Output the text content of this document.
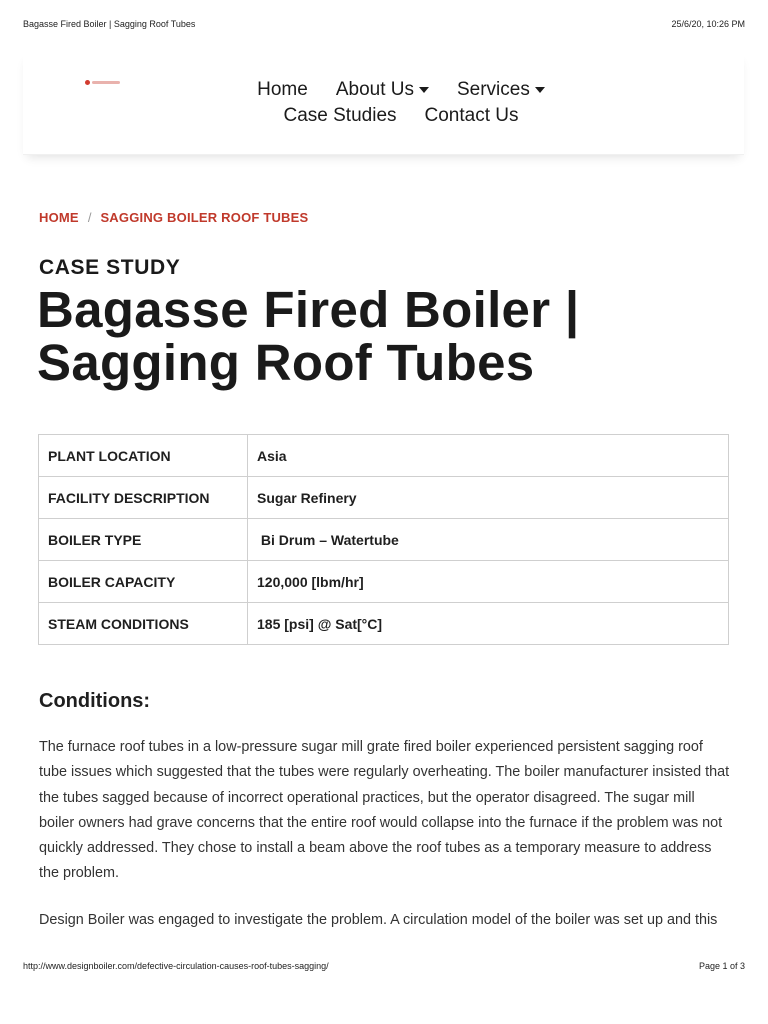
Bagasse Fired Boiler | Sagging Roof Tubes	25/6/20, 10:26 PM
Home About Us Services
Case Studies Contact Us
HOME / SAGGING BOILER ROOF TUBES
CASE STUDY
Bagasse Fired Boiler | Sagging Roof Tubes
PLANT LOCATION	Asia
FACILITY DESCRIPTION	Sugar Refinery
BOILER TYPE	Bi Drum – Watertube
BOILER CAPACITY	120,000 [lbm/hr]
STEAM CONDITIONS	185 [psi] @ Sat[°C]
Conditions:

The furnace roof tubes in a low-pressure sugar mill grate fired boiler experienced persistent sagging roof tube issues which suggested that the tubes were regularly overheating. The boiler manufacturer insisted that the tubes sagged because of incorrect operational practices, but the operator disagreed. The sugar mill boiler owners had grave concerns that the entire roof would collapse into the furnace if the problem was not quickly addressed. They chose to install a beam above the roof tubes as a temporary measure to address the problem.

Design Boiler was engaged to investigate the problem. A circulation model of the boiler was set up and this

http://www.designboiler.com/defective-circulation-causes-roof-tubes-sagging/	Page 1 of 3
